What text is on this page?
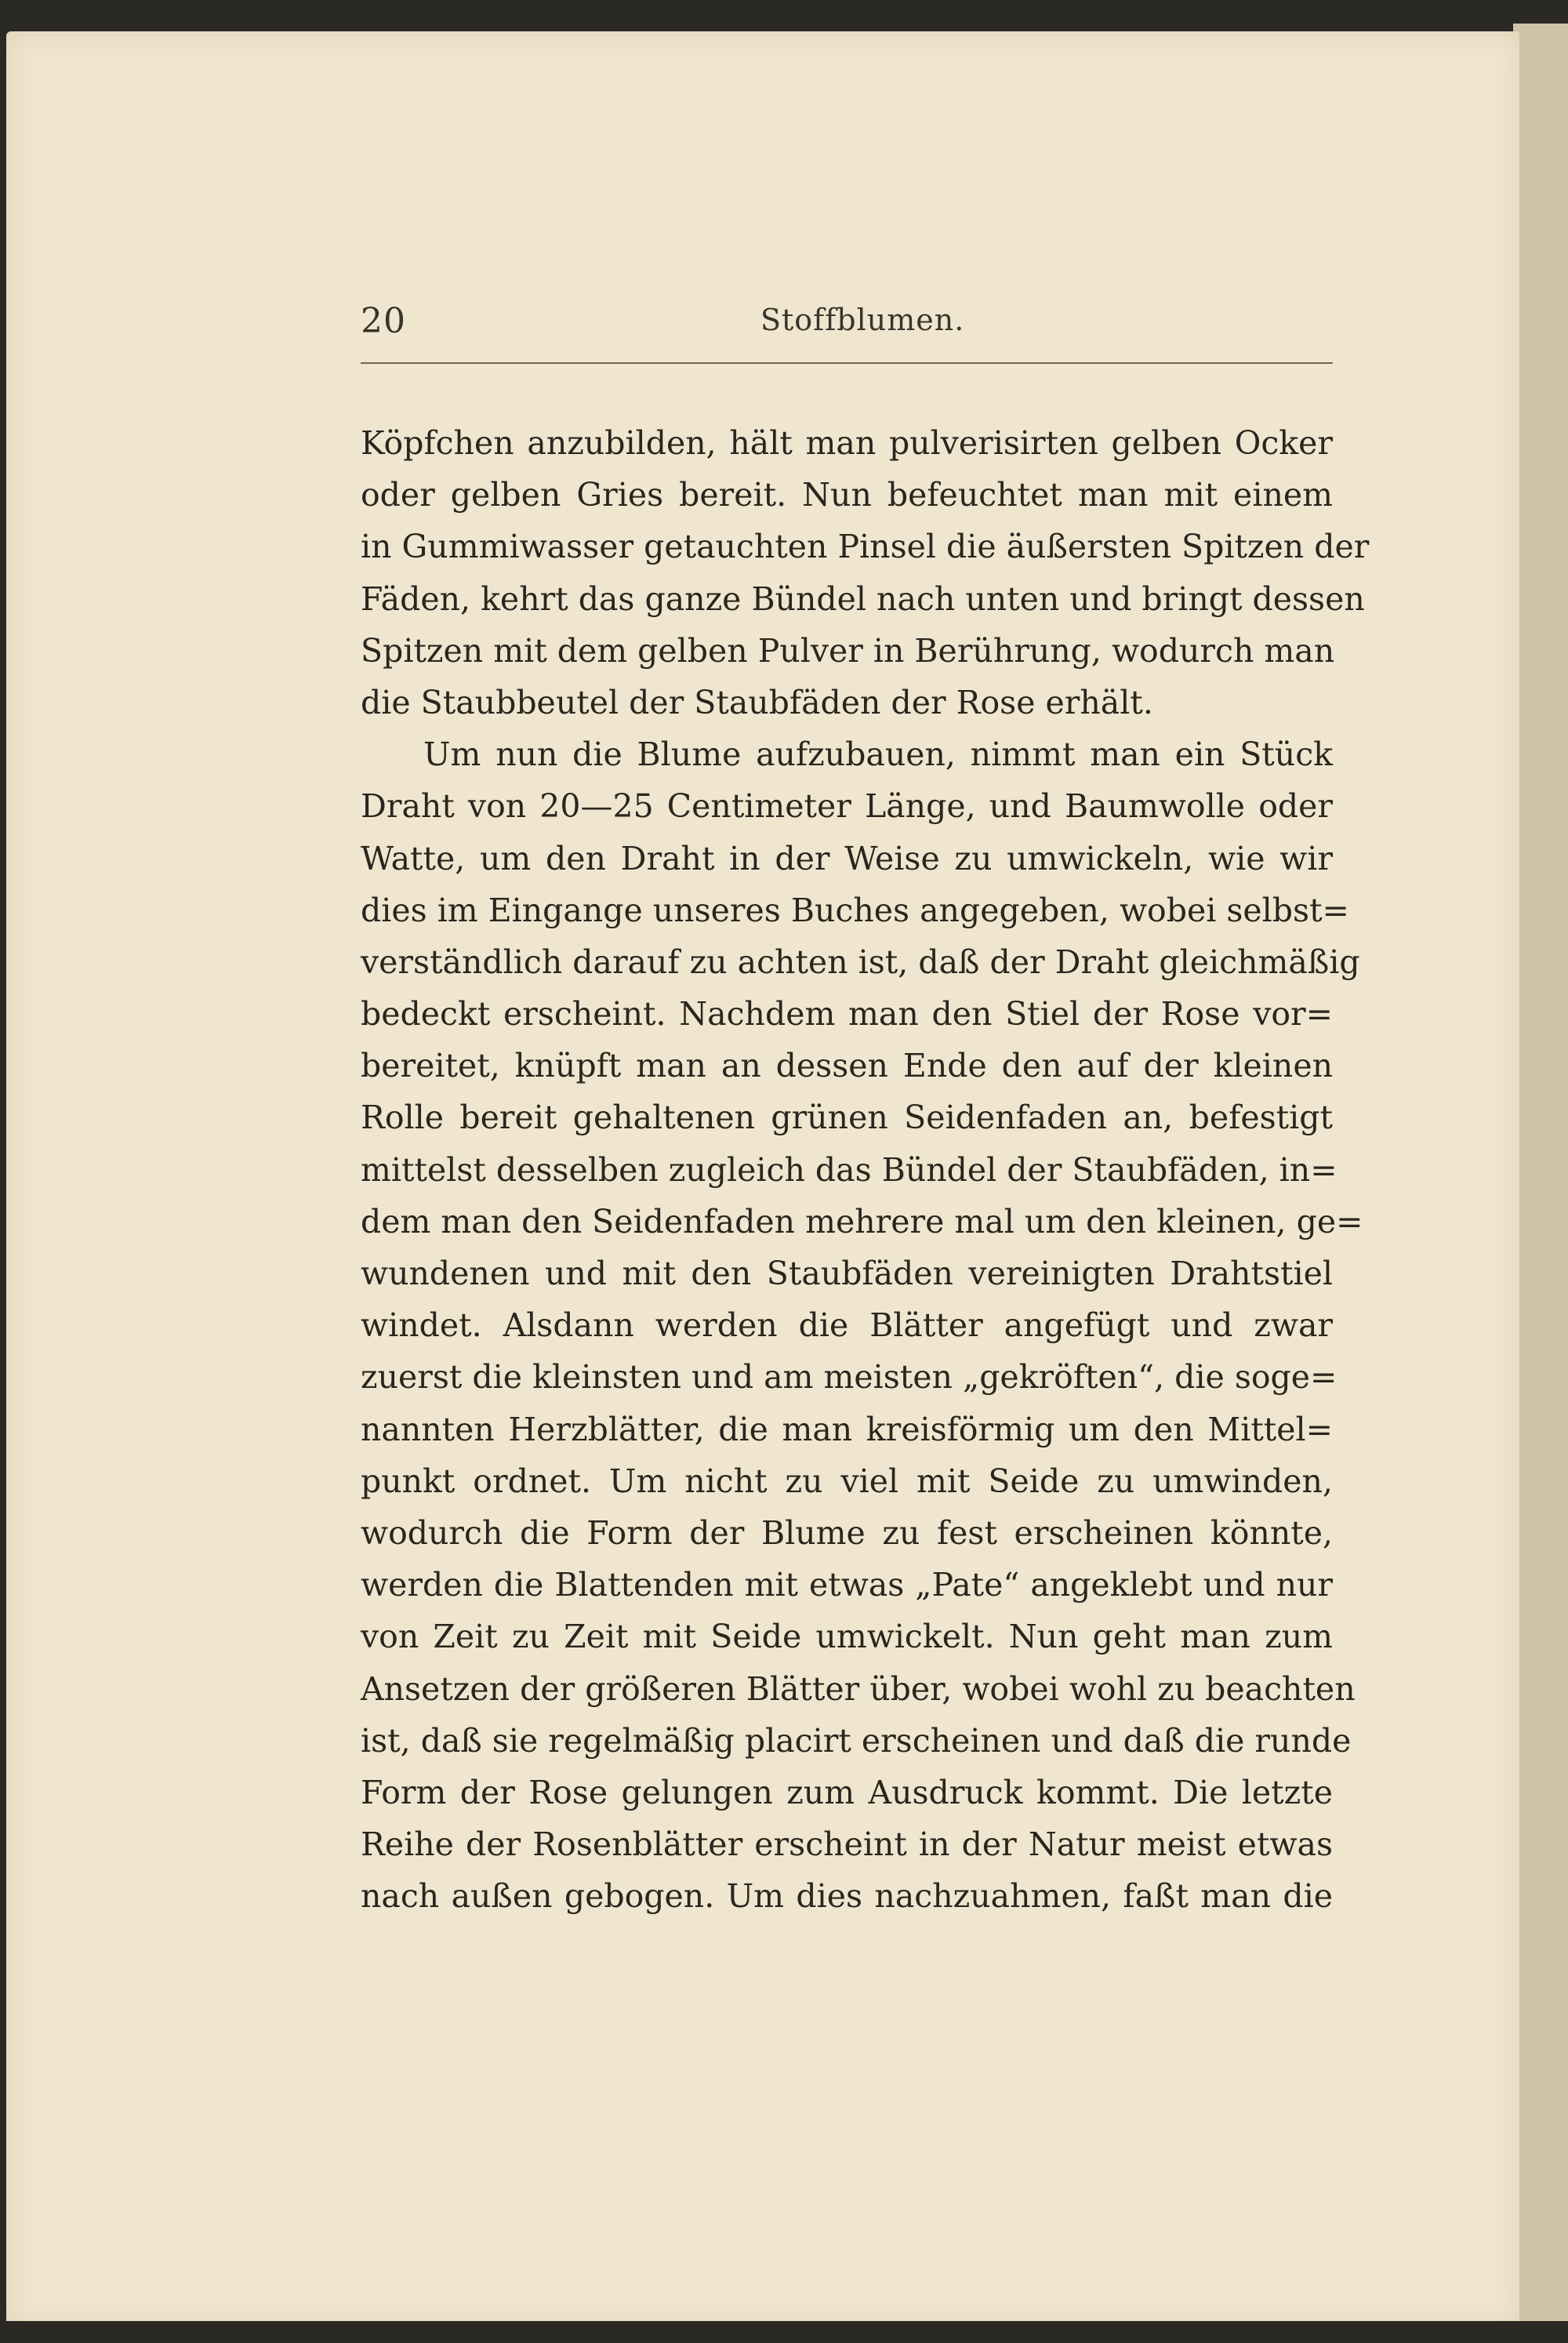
20	Stoffblumen.
Köpfchen anzubilden, hält man pulverisirten gelben Ocker
oder gelben Gries bereit. Nun befeuchtet man mit einem
in Gummiwasser getauchten Pinsel die äußersten Spitzen der
Fäden, kehrt das ganze Bündel nach unten und bringt dessen
Spitzen mit dem gelben Pulver in Berührung, wodurch man
die Staubbeutel der Staubfäden der Rose erhält.
Um nun die Blume aufzubauen, nimmt man ein Stück
Draht von 20—25 Centimeter Länge, und Baumwolle oder
Watte, um den Draht in der Weise zu umwickeln, wie wir
dies im Eingange unseres Buches angegeben, wobei selbst=
verständlich darauf zu achten ist, daß der Draht gleichmäßig
bedeckt erscheint. Nachdem man den Stiel der Rose vor=
bereitet, knüpft man an dessen Ende den auf der kleinen
Rolle bereit gehaltenen grünen Seidenfaden an, befestigt
mittelst desselben zugleich das Bündel der Staubfäden, in=
dem man den Seidenfaden mehrere mal um den kleinen, ge=
wundenen und mit den Staubfäden vereinigten Drahtstiel
windet. Alsdann werden die Blätter angefügt und zwar
zuerst die kleinsten und am meisten „gekröften“, die soge=
nannten Herzblätter, die man kreisförmig um den Mittel=
punkt ordnet. Um nicht zu viel mit Seide zu umwinden,
wodurch die Form der Blume zu fest erscheinen könnte,
werden die Blattenden mit etwas „Pate“ angeklebt und nur
von Zeit zu Zeit mit Seide umwickelt. Nun geht man zum
Ansetzen der größeren Blätter über, wobei wohl zu beachten
ist, daß sie regelmäßig placirt erscheinen und daß die runde
Form der Rose gelungen zum Ausdruck kommt. Die letzte
Reihe der Rosenblätter erscheint in der Natur meist etwas
nach außen gebogen. Um dies nachzuahmen, faßt man die
